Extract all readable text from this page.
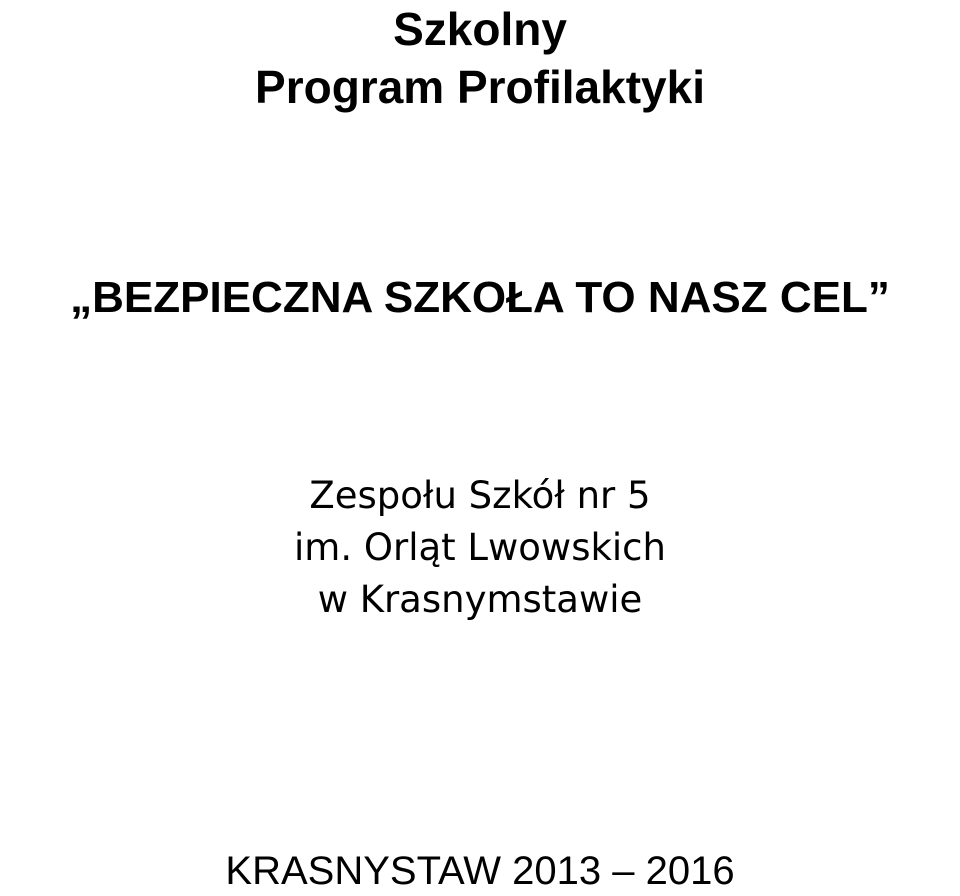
Szkolny
Program Profilaktyki
„BEZPIECZNA SZKOŁA TO NASZ CEL”
Zespołu Szkół nr 5
im. Orląt Lwowskich
w Krasnymstawie
KRASNYSTAW 2013 – 2016
